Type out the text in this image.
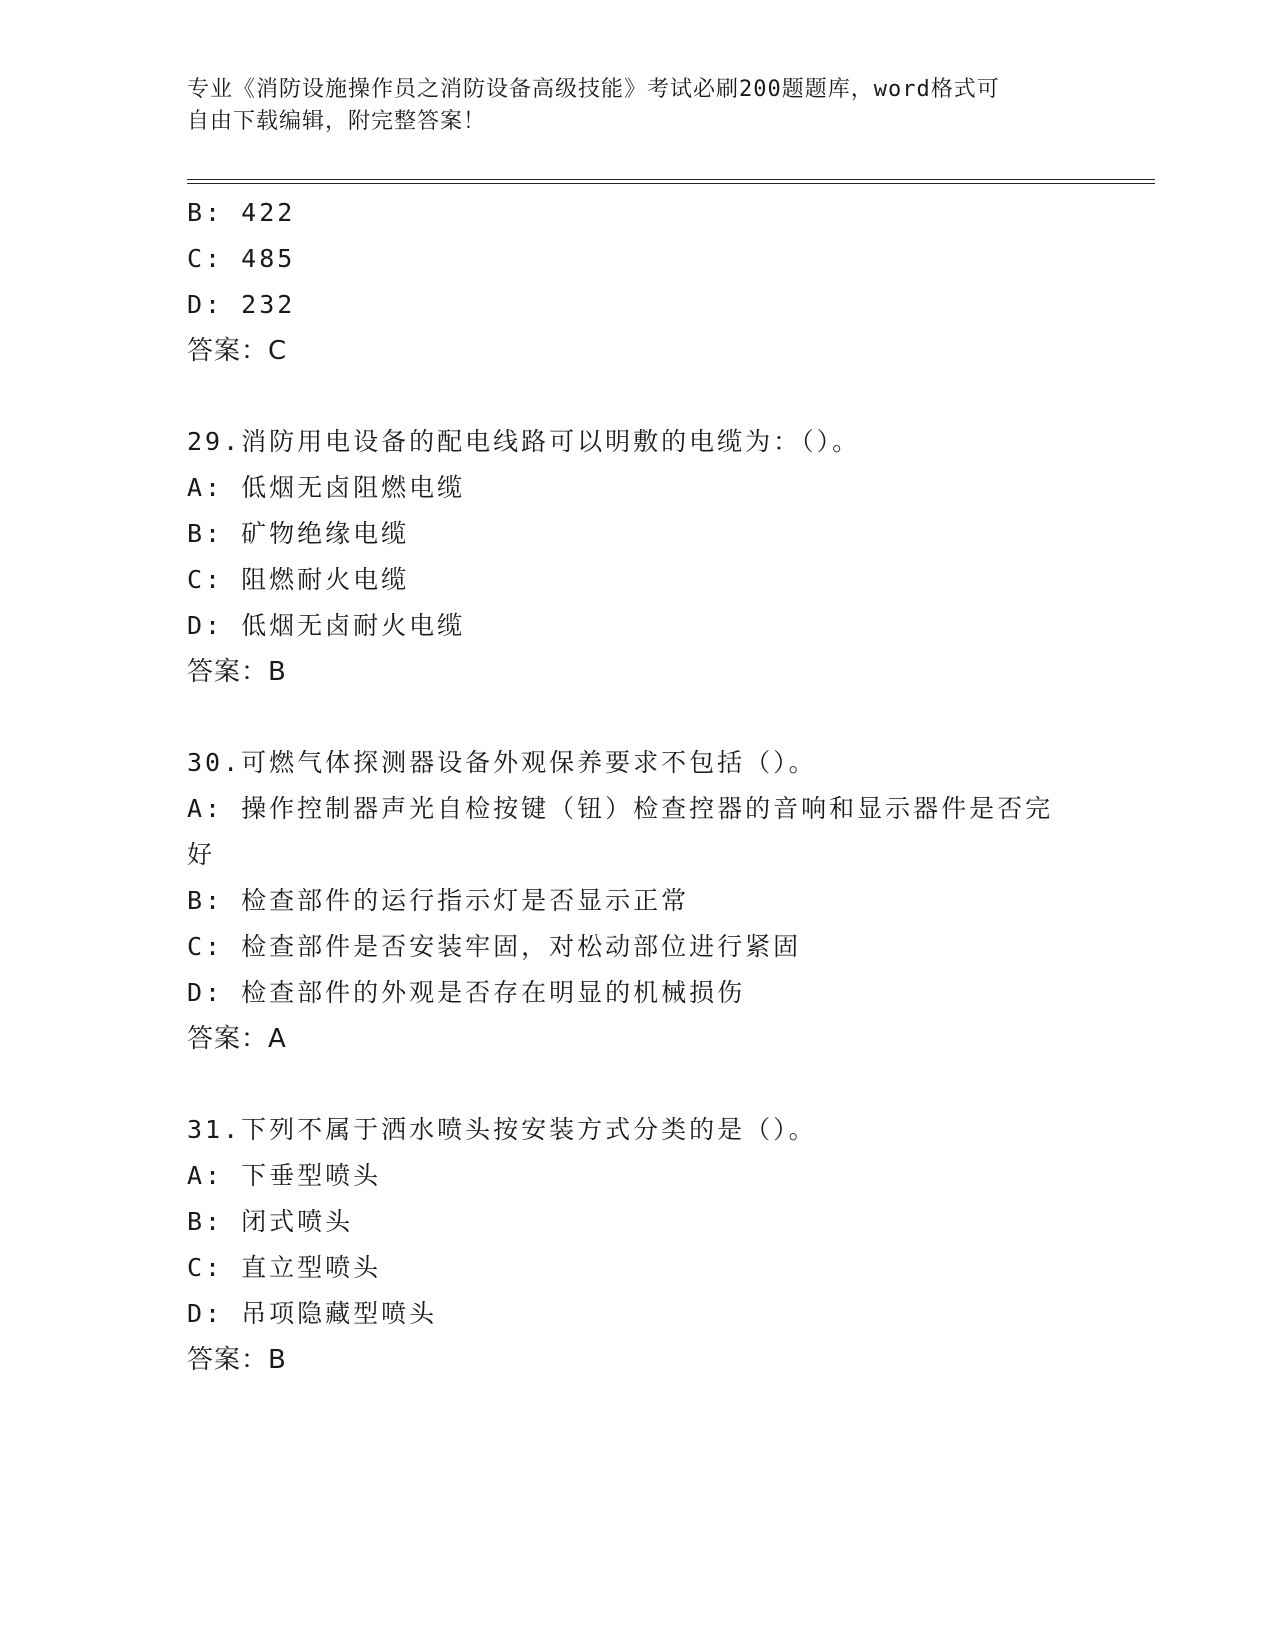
专业《消防设施操作员之消防设备高级技能》考试必刷200题题库，word格式可
自由下载编辑，附完整答案！
B: 422
C: 485
D: 232
答案：C
29.消防用电设备的配电线路可以明敷的电缆为：（）。
A: 低烟无卤阻燃电缆
B: 矿物绝缘电缆
C: 阻燃耐火电缆
D: 低烟无卤耐火电缆
答案：B
30.可燃气体探测器设备外观保养要求不包括（）。
A: 操作控制器声光自检按键（钮）检查控器的音响和显示器件是否完
好
B: 检查部件的运行指示灯是否显示正常
C: 检查部件是否安装牢固，对松动部位进行紧固
D: 检查部件的外观是否存在明显的机械损伤
答案：A
31.下列不属于洒水喷头按安装方式分类的是（）。
A: 下垂型喷头
B: 闭式喷头
C: 直立型喷头
D: 吊项隐藏型喷头
答案：B
